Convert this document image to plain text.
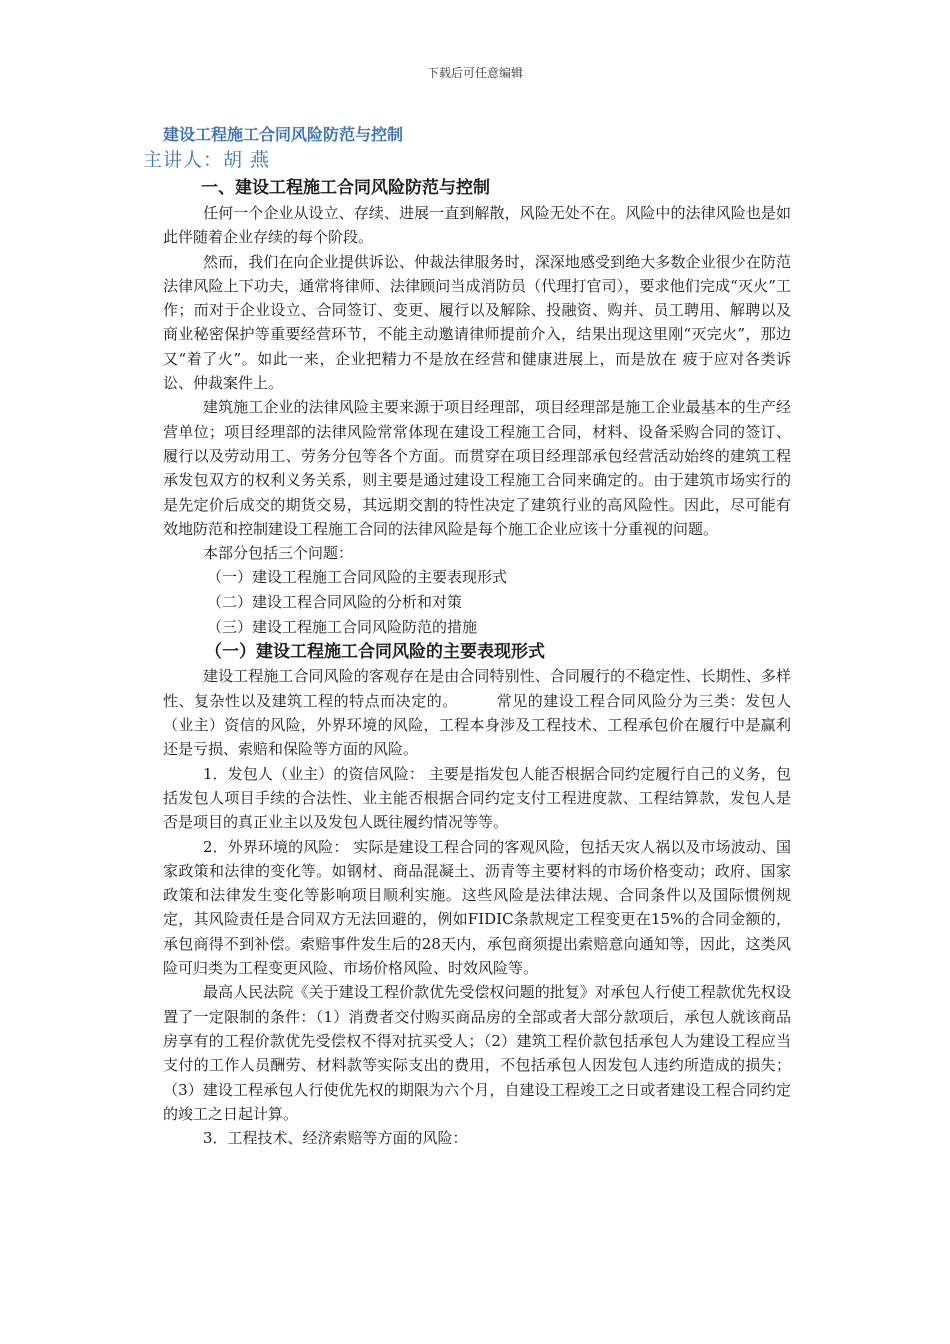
下载后可任意编辑
建设工程施工合同风险防范与控制
主讲人：胡 燕
一、建设工程施工合同风险防范与控制

任何一个企业从设立、存续、进展一直到解散，风险无处不在。风险中的法律风险也是如此伴随着企业存续的每个阶段。

然而，我们在向企业提供诉讼、仲裁法律服务时，深深地感受到绝大多数企业很少在防范法律风险上下功夫，通常将律师、法律顾问当成消防员（代理打官司），要求他们完成“灭火”工作；而对于企业设立、合同签订、变更、履行以及解除、投融资、购并、员工聘用、解聘以及商业秘密保护等重要经营环节，不能主动邀请律师提前介入，结果出现这里刚“灭完火”，那边又“着了火”。如此一来，企业把精力不是放在经营和健康进展上，而是放在 疲于应对各类诉讼、仲裁案件上。

建筑施工企业的法律风险主要来源于项目经理部，项目经理部是施工企业最基本的生产经营单位；项目经理部的法律风险常常体现在建设工程施工合同，材料、设备采购合同的签订、履行以及劳动用工、劳务分包等各个方面。而贯穿在项目经理部承包经营活动始终的建筑工程承发包双方的权利义务关系，则主要是通过建设工程施工合同来确定的。由于建筑市场实行的是先定价后成交的期货交易，其远期交割的特性决定了建筑行业的高风险性。因此，尽可能有效地防范和控制建设工程施工合同的法律风险是每个施工企业应该十分重视的问题。

本部分包括三个问题：

（一）建设工程施工合同风险的主要表现形式
（二）建设工程合同风险的分析和对策
（三）建设工程施工合同风险防范的措施
（一）建设工程施工合同风险的主要表现形式

建设工程施工合同风险的客观存在是由合同特别性、合同履行的不稳定性、长期性、多样性、复杂性以及建筑工程的特点而决定的。　　　常见的建设工程合同风险分为三类：发包人（业主）资信的风险，外界环境的风险，工程本身涉及工程技术、工程承包价在履行中是赢利还是亏损、索赔和保险等方面的风险。

1．发包人（业主）的资信风险： 主要是指发包人能否根据合同约定履行自己的义务，包括发包人项目手续的合法性、业主能否根据合同约定支付工程进度款、工程结算款，发包人是否是项目的真正业主以及发包人既往履约情况等等。

2．外界环境的风险： 实际是建设工程合同的客观风险，包括天灾人祸以及市场波动、国家政策和法律的变化等。如钢材、商品混凝土、沥青等主要材料的市场价格变动；政府、国家政策和法律发生变化等影响项目顺利实施。这些风险是法律法规、合同条件以及国际惯例规定，其风险责任是合同双方无法回避的，例如FIDIC条款规定工程变更在15%的合同金额的，承包商得不到补偿。索赔事件发生后的28天内，承包商须提出索赔意向通知等，因此，这类风险可归类为工程变更风险、市场价格风险、时效风险等。

最高人民法院《关于建设工程价款优先受偿权问题的批复》对承包人行使工程款优先权设置了一定限制的条件：（1）消费者交付购买商品房的全部或者大部分款项后，承包人就该商品房享有的工程价款优先受偿权不得对抗买受人；（2）建筑工程价款包括承包人为建设工程应当支付的工作人员酬劳、材料款等实际支出的费用，不包括承包人因发包人违约所造成的损失；（3）建设工程承包人行使优先权的期限为六个月，自建设工程竣工之日或者建设工程合同约定的竣工之日起计算。

3．工程技术、经济索赔等方面的风险：
